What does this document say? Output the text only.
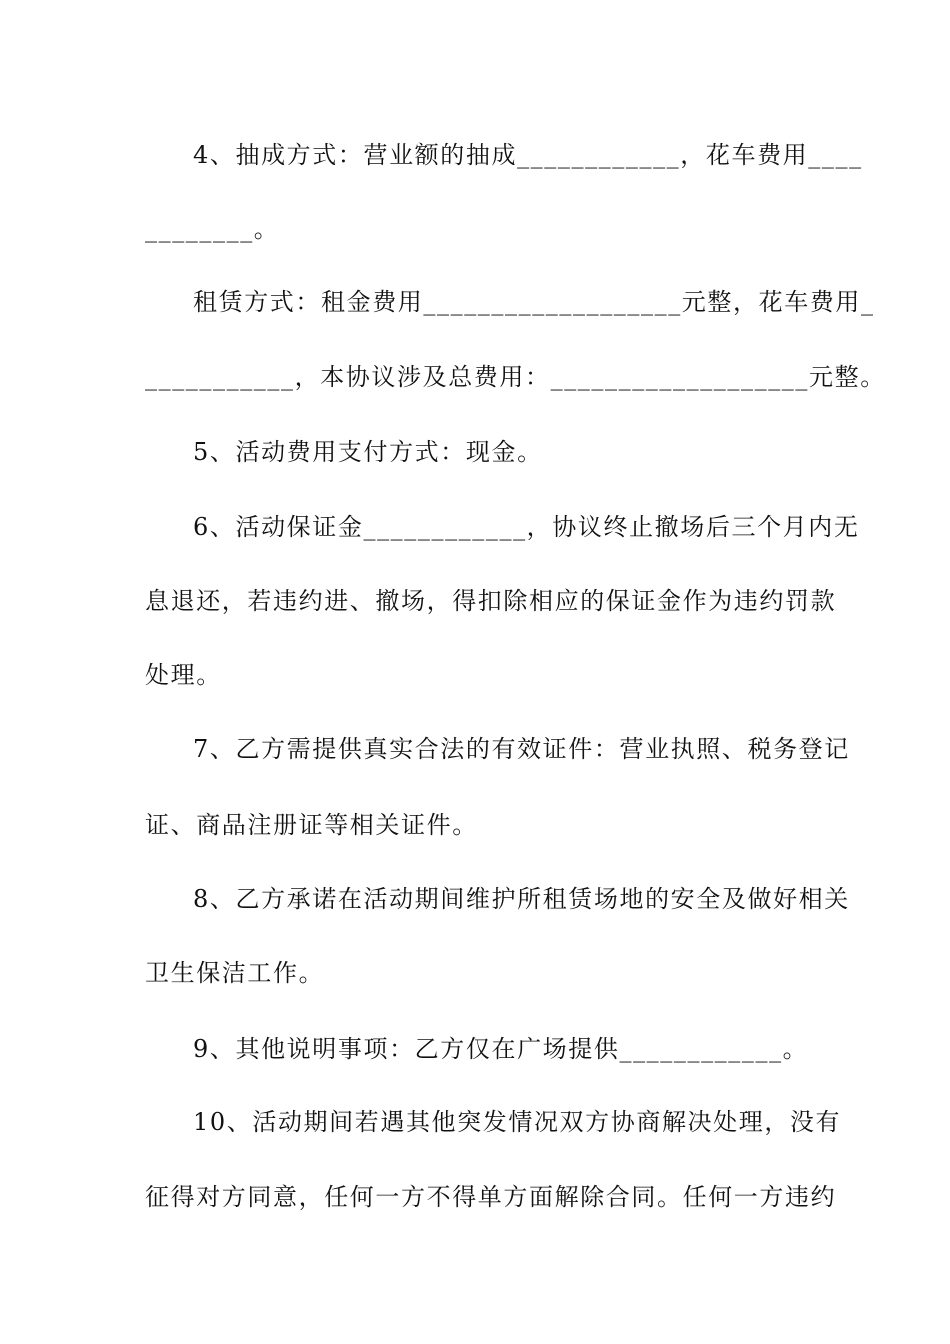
4、抽成方式：营业额的抽成____________，花车费用____
________。
租赁方式：租金费用___________________元整，花车费用_
___________，本协议涉及总费用：___________________元整。
5、活动费用支付方式：现金。
6、活动保证金____________，协议终止撤场后三个月内无
息退还，若违约进、撤场，得扣除相应的保证金作为违约罚款
处理。
7、乙方需提供真实合法的有效证件：营业执照、税务登记
证、商品注册证等相关证件。
8、乙方承诺在活动期间维护所租赁场地的安全及做好相关
卫生保洁工作。
9、其他说明事项：乙方仅在广场提供____________。
10、活动期间若遇其他突发情况双方协商解决处理，没有
征得对方同意，任何一方不得单方面解除合同。任何一方违约
